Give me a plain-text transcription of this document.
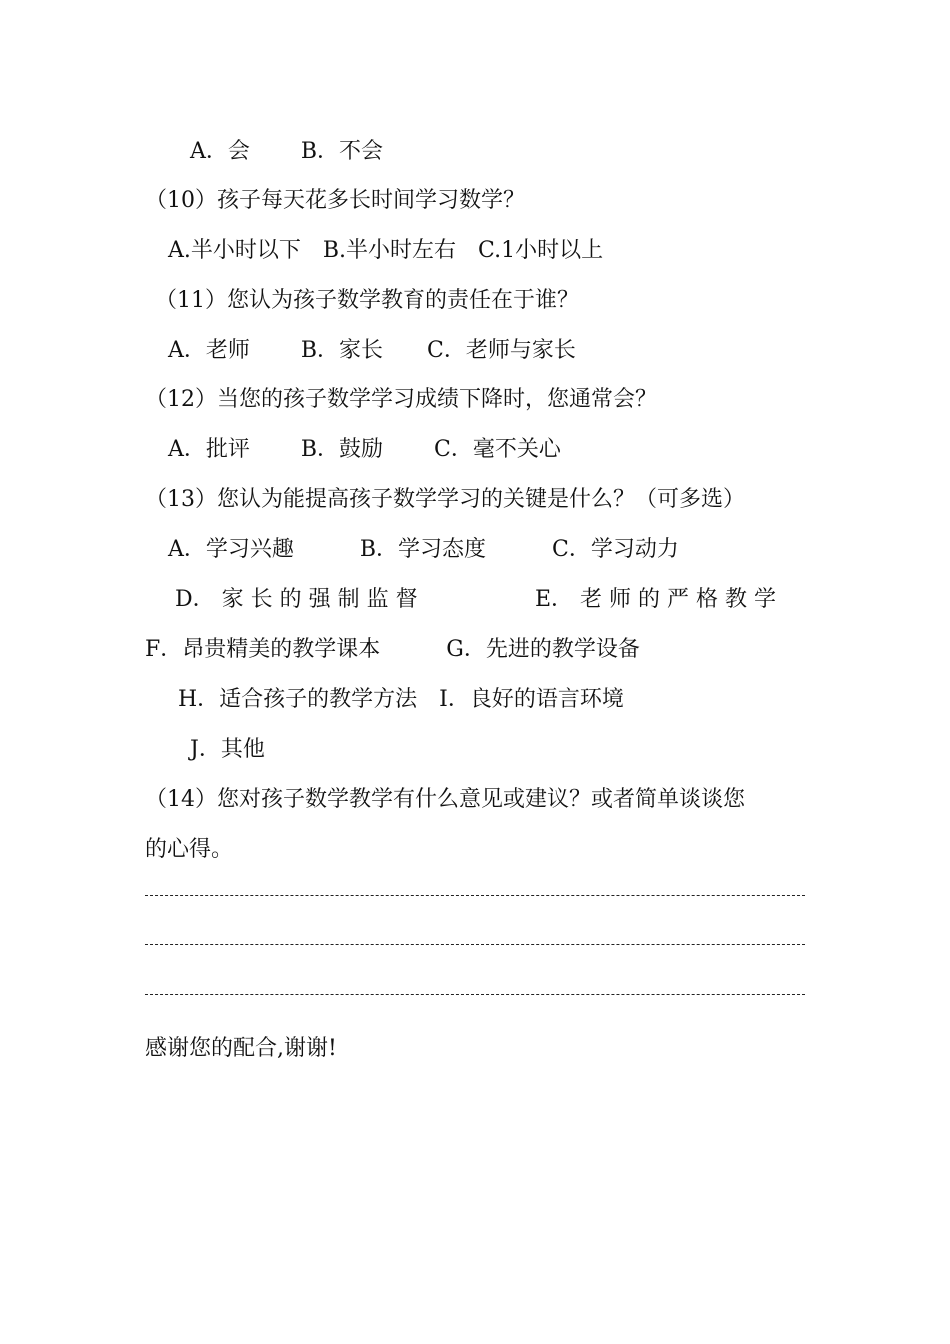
A．会　　 B．不会

（10）孩子每天花多长时间学习数学？

A.半小时以下　B.半小时左右　C.1小时以上

（11）您认为孩子数学教育的责任在于谁？

A．老师　　 B．家长　　C．老师与家长

（12）当您的孩子数学学习成绩下降时，您通常会？

A．批评　　 B．鼓励　　 C．毫不关心

（13）您认为能提高孩子数学学习的关键是什么？（可多选）

A．学习兴趣　　　B．学习态度　　　C．学习动力

D． 家 长 的 强 制 监 督	E． 老 师 的 严 格 教 学

F．昂贵精美的教学课本　　　G．先进的教学设备

H．适合孩子的教学方法　I．良好的语言环境

J．其他

（14）您对孩子数学教学有什么意见或建议？或者简单谈谈您

的心得。

感谢您的配合,谢谢!
